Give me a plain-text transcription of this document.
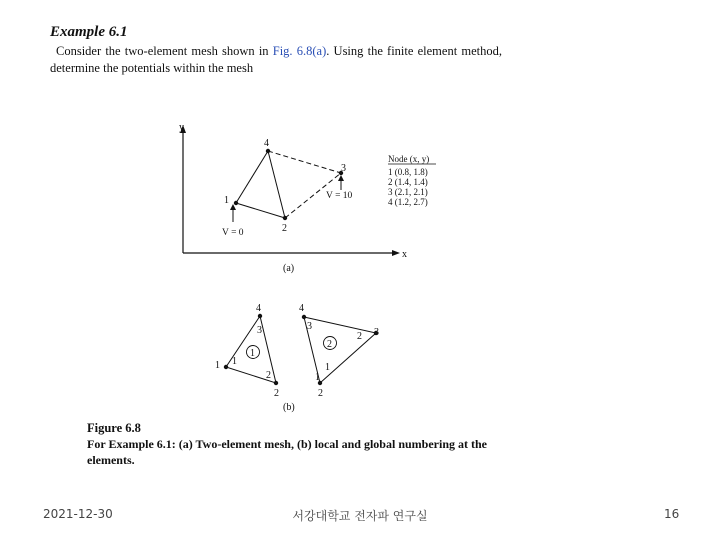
Example 6.1
Consider the two-element mesh shown in Fig. 6.8(a). Using the finite element method, determine the potentials within the mesh
y
x
1
2
3
4
V = 0
V = 10
Node (x, y)
1 (0.8, 1.8)
2 (1.4, 1.4)
3 (2.1, 2.1)
4 (1.2, 2.7)
(a)
4
1
2
3
1
2
1
4
3
1
2
3
2
1
2
(b)
Figure 6.8
For Example 6.1: (a) Two-element mesh, (b) local and global numbering at the elements.
2021-12-30	서강대학교 전자파 연구실	16
